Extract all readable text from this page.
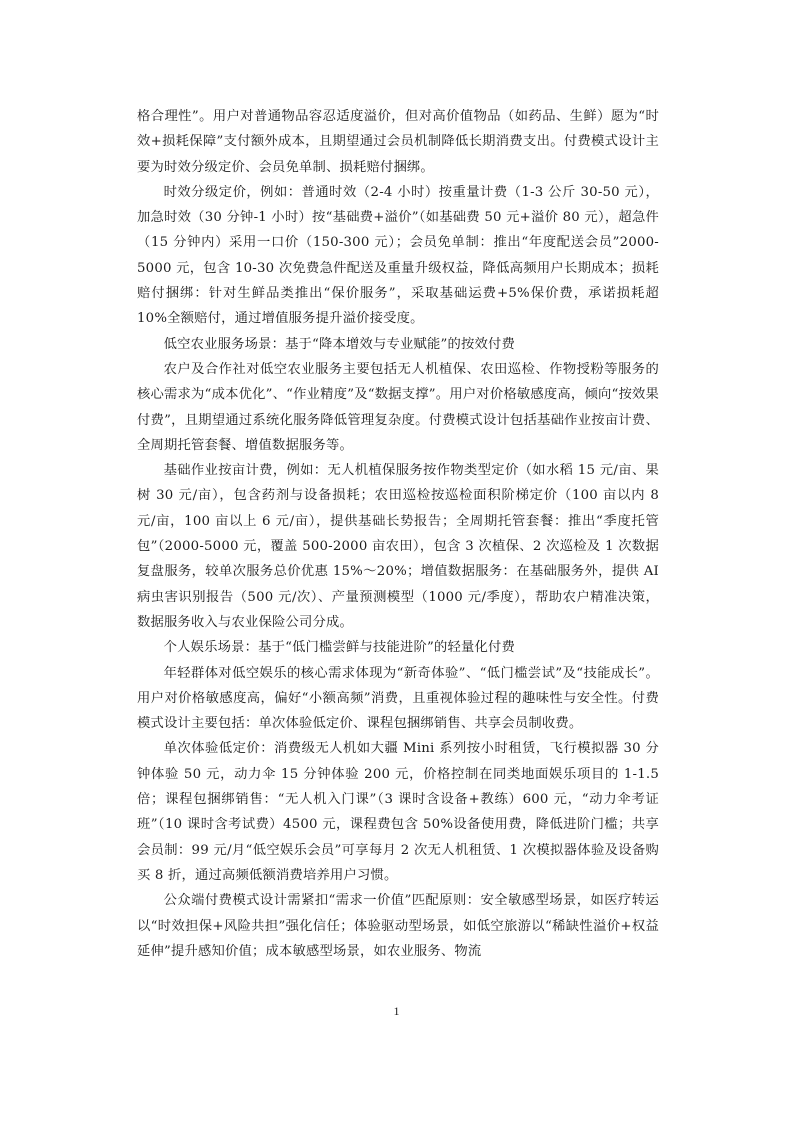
格合理性”。用户对普通物品容忍适度溢价，但对高价值物品（如药品、生鲜）愿为“时效+损耗保障”支付额外成本，且期望通过会员机制降低长期消费支出。付费模式设计主要为时效分级定价、会员免单制、损耗赔付捆绑。

时效分级定价，例如：普通时效（2-4 小时）按重量计费（1-3 公斤 30-50 元），加急时效（30 分钟-1 小时）按“基础费+溢价”（如基础费 50 元+溢价 80 元），超急件（15 分钟内）采用一口价（150-300 元）；会员免单制：推出“年度配送会员”2000-5000 元，包含 10-30 次免费急件配送及重量升级权益，降低高频用户长期成本；损耗赔付捆绑：针对生鲜品类推出“保价服务”，采取基础运费+5%保价费，承诺损耗超 10%全额赔付，通过增值服务提升溢价接受度。

低空农业服务场景：基于“降本增效与专业赋能”的按效付费

农户及合作社对低空农业服务主要包括无人机植保、农田巡检、作物授粉等服务的核心需求为“成本优化”、“作业精度”及“数据支撑”。用户对价格敏感度高，倾向“按效果付费”，且期望通过系统化服务降低管理复杂度。付费模式设计包括基础作业按亩计费、全周期托管套餐、增值数据服务等。

基础作业按亩计费，例如：无人机植保服务按作物类型定价（如水稻 15 元/亩、果树 30 元/亩），包含药剂与设备损耗；农田巡检按巡检面积阶梯定价（100 亩以内 8 元/亩，100 亩以上 6 元/亩），提供基础长势报告；全周期托管套餐：推出“季度托管包”（2000-5000 元，覆盖 500-2000 亩农田），包含 3 次植保、2 次巡检及 1 次数据复盘服务，较单次服务总价优惠 15%～20%；增值数据服务：在基础服务外，提供 AI 病虫害识别报告（500 元/次）、产量预测模型（1000 元/季度），帮助农户精准决策，数据服务收入与农业保险公司分成。

个人娱乐场景：基于“低门槛尝鲜与技能进阶”的轻量化付费

年轻群体对低空娱乐的核心需求体现为“新奇体验”、“低门槛尝试”及“技能成长”。用户对价格敏感度高，偏好“小额高频”消费，且重视体验过程的趣味性与安全性。付费模式设计主要包括：单次体验低定价、课程包捆绑销售、共享会员制收费。

单次体验低定价：消费级无人机如大疆 Mini 系列按小时租赁，飞行模拟器 30 分钟体验 50 元，动力伞 15 分钟体验 200 元，价格控制在同类地面娱乐项目的 1-1.5 倍；课程包捆绑销售：“无人机入门课”（3 课时含设备+教练）600 元，“动力伞考证班”（10 课时含考试费）4500 元，课程费包含 50%设备使用费，降低进阶门槛；共享会员制：99 元/月“低空娱乐会员”可享每月 2 次无人机租赁、1 次模拟器体验及设备购买 8 折，通过高频低额消费培养用户习惯。

公众端付费模式设计需紧扣“需求一价值”匹配原则：安全敏感型场景，如医疗转运以“时效担保+风险共担”强化信任；体验驱动型场景，如低空旅游以“稀缺性溢价+权益延伸”提升感知价值；成本敏感型场景，如农业服务、物流

1
